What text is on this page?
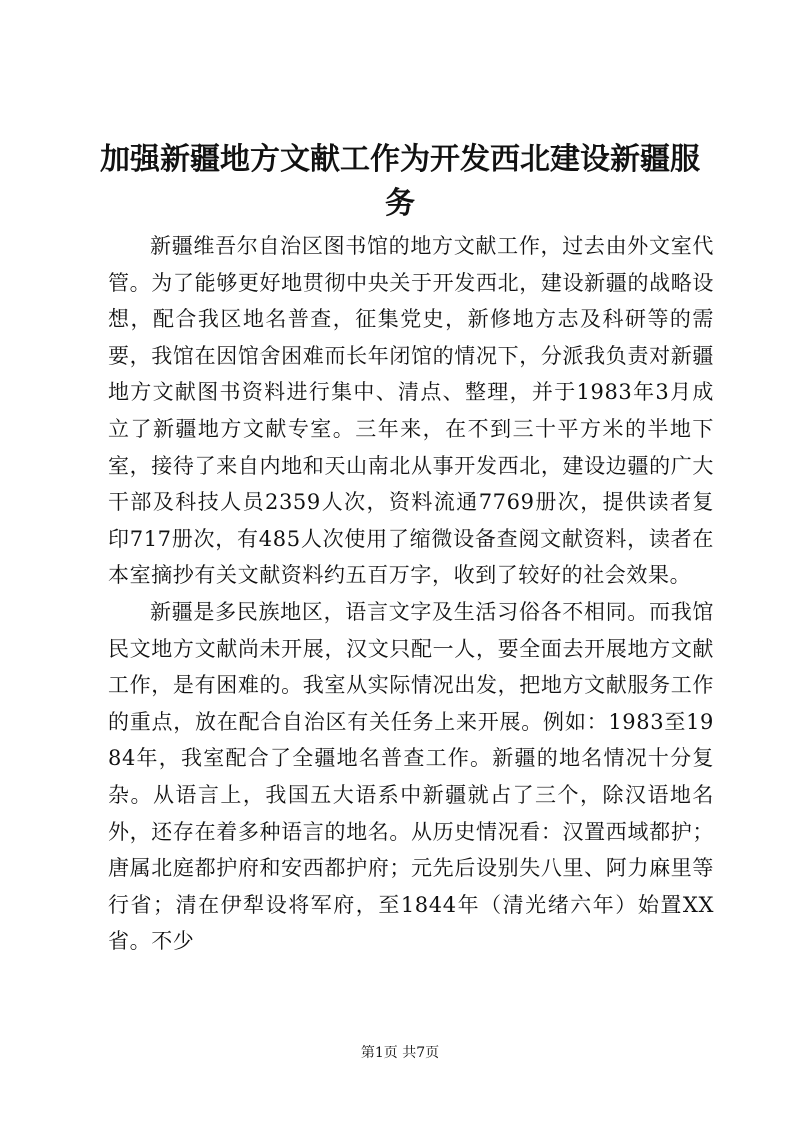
加强新疆地方文献工作为开发西北建设新疆服务

新疆维吾尔自治区图书馆的地方文献工作，过去由外文室代管。为了能够更好地贯彻中央关于开发西北，建设新疆的战略设想，配合我区地名普查，征集党史，新修地方志及科研等的需要，我馆在因馆舍困难而长年闭馆的情况下，分派我负责对新疆地方文献图书资料进行集中、清点、整理，并于1983年3月成立了新疆地方文献专室。三年来，在不到三十平方米的半地下室，接待了来自内地和天山南北从事开发西北，建设边疆的广大干部及科技人员2359人次，资料流通7769册次，提供读者复印717册次，有485人次使用了缩微设备查阅文献资料，读者在本室摘抄有关文献资料约五百万字，收到了较好的社会效果。

新疆是多民族地区，语言文字及生活习俗各不相同。而我馆民文地方文献尚未开展，汉文只配一人，要全面去开展地方文献工作，是有困难的。我室从实际情况出发，把地方文献服务工作的重点，放在配合自治区有关任务上来开展。例如：1983至1984年，我室配合了全疆地名普查工作。新疆的地名情况十分复杂。从语言上，我国五大语系中新疆就占了三个，除汉语地名外，还存在着多种语言的地名。从历史情况看：汉置西域都护；唐属北庭都护府和安西都护府；元先后设别失八里、阿力麻里等行省；清在伊犁设将军府，至1844年（清光绪六年）始置XX省。不少

第1页 共7页
